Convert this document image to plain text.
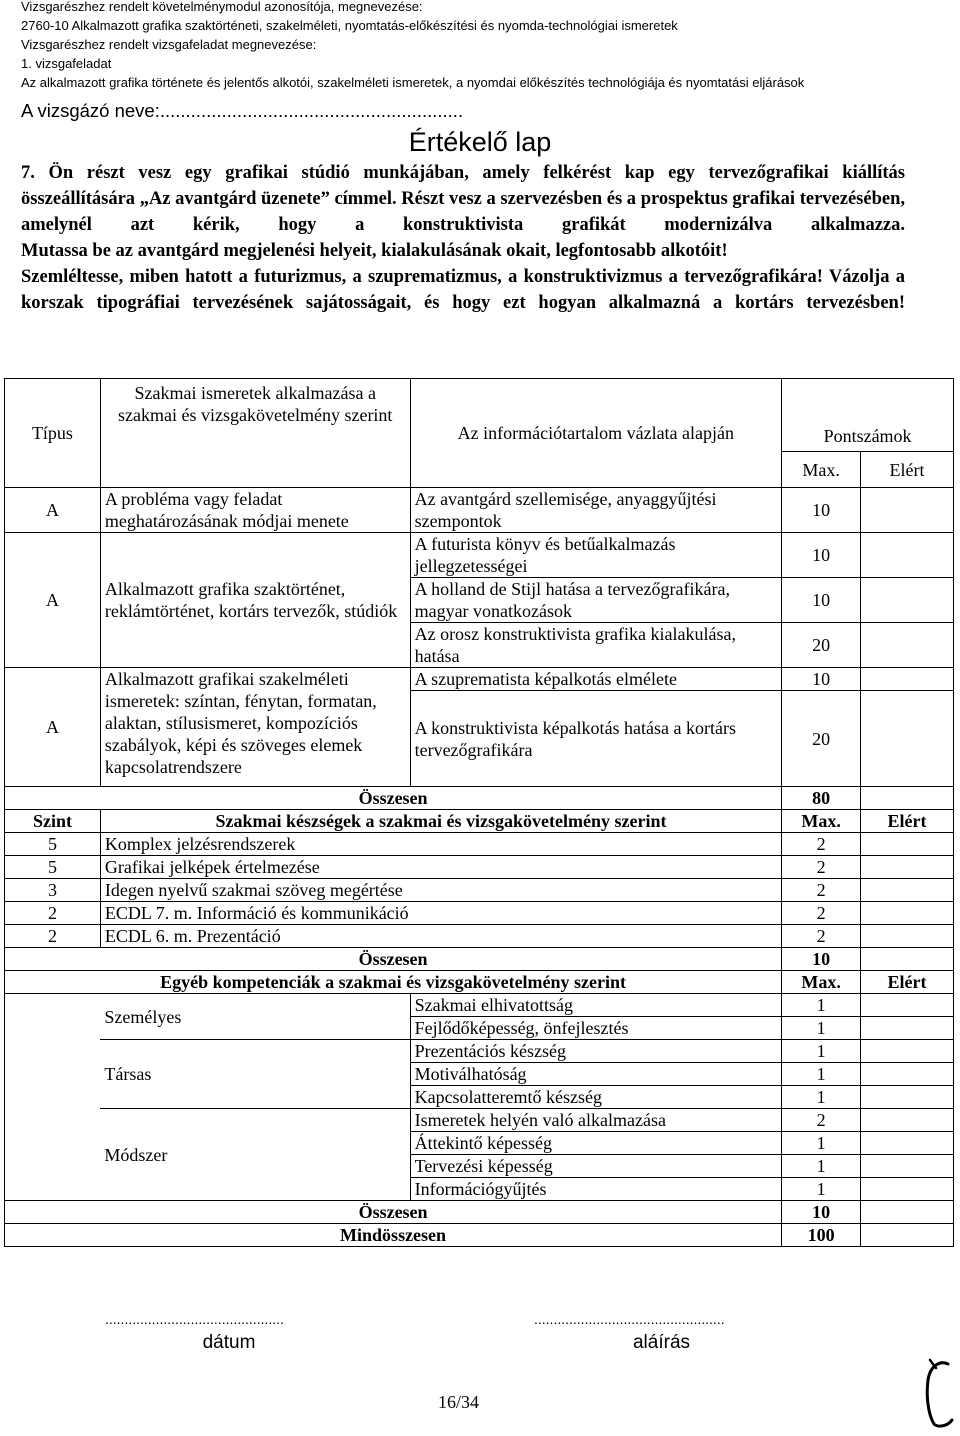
Vizsgarészhez rendelt követelménymodul azonosítója, megnevezése:
2760-10 Alkalmazott grafika szaktörténeti, szakelméleti, nyomtatás-előkészítési és nyomda-technológiai ismeretek
Vizsgarészhez rendelt vizsgafeladat megnevezése:
1. vizsgafeladat
Az alkalmazott grafika története és jelentős alkotói, szakelméleti ismeretek, a nyomdai előkészítés technológiája és nyomtatási eljárások
A vizsgázó neve:...........................................................
Értékelő lap

7. Ön részt vesz egy grafikai stúdió munkájában, amely felkérést kap egy tervezőgrafikai kiállítás összeállítására „Az avantgárd üzenete” címmel. Részt vesz a szervezésben és a prospektus grafikai tervezésében, amelynél azt kérik, hogy a konstruktivista grafikát modernizálva alkalmazza.

Mutassa be az avantgárd megjelenési helyeit, kialakulásának okait, legfontosabb alkotóit!

Szemléltesse, miben hatott a futurizmus, a szuprematizmus, a konstruktivizmus a tervezőgrafikára! Vázolja a korszak tipográfiai tervezésének sajátosságait, és hogy ezt hogyan alkalmazná a kortárs tervezésben!

Típus	Szakmai ismeretek alkalmazása a szakmai és vizsgakövetelmény szerint	Az információtartalom vázlata alapján	Pontszámok	
			Max.	Elért
A	A probléma vagy feladat meghatározásának módjai menete	Az avantgárd szellemisége, anyaggyűjtési szempontok	10	
A	Alkalmazott grafika szaktörténet, reklámtörténet, kortárs tervezők, stúdiók	A futurista könyv és betűalkalmazás jellegzetességei	10	
		A holland de Stijl hatása a tervezőgrafikára, magyar vonatkozások	10	
		Az orosz konstruktivista grafika kialakulása, hatása	20	
A	Alkalmazott grafikai szakelméleti ismeretek: színtan, fénytan, formatan, alaktan, stílusismeret, kompozíciós szabályok, képi és szöveges elemek kapcsolatrendszere	A szuprematista képalkotás elmélete	10	
		A konstruktivista képalkotás hatása a kortárs tervezőgrafikára	20	
Összesen			80	
Szint	Szakmai készségek a szakmai és vizsgakövetelmény szerint		Max.	Elért
5	Komplex jelzésrendszerek		2	
5	Grafikai jelképek értelmezése		2	
3	Idegen nyelvű szakmai szöveg megértése		2	
2	ECDL 7. m. Információ és kommunikáció		2	
2	ECDL 6. m. Prezentáció		2	
Összesen			10	
Egyéb kompetenciák a szakmai és vizsgakövetelmény szerint			Max.	Elért
	Személyes	Szakmai elhivatottság	1	
		Fejlődőképesség, önfejlesztés	1	
	Társas	Prezentációs készség	1	
		Motiválhatóság	1	
		Kapcsolatteremtő készség	1	
	Módszer	Ismeretek helyén való alkalmazása	2	
		Áttekintő képesség	1	
		Tervezési képesség	1	
		Információgyűjtés	1	
Összesen			10	
Mindösszesen			100	
..............................................
dátum
.................................................
aláírás
16/34
